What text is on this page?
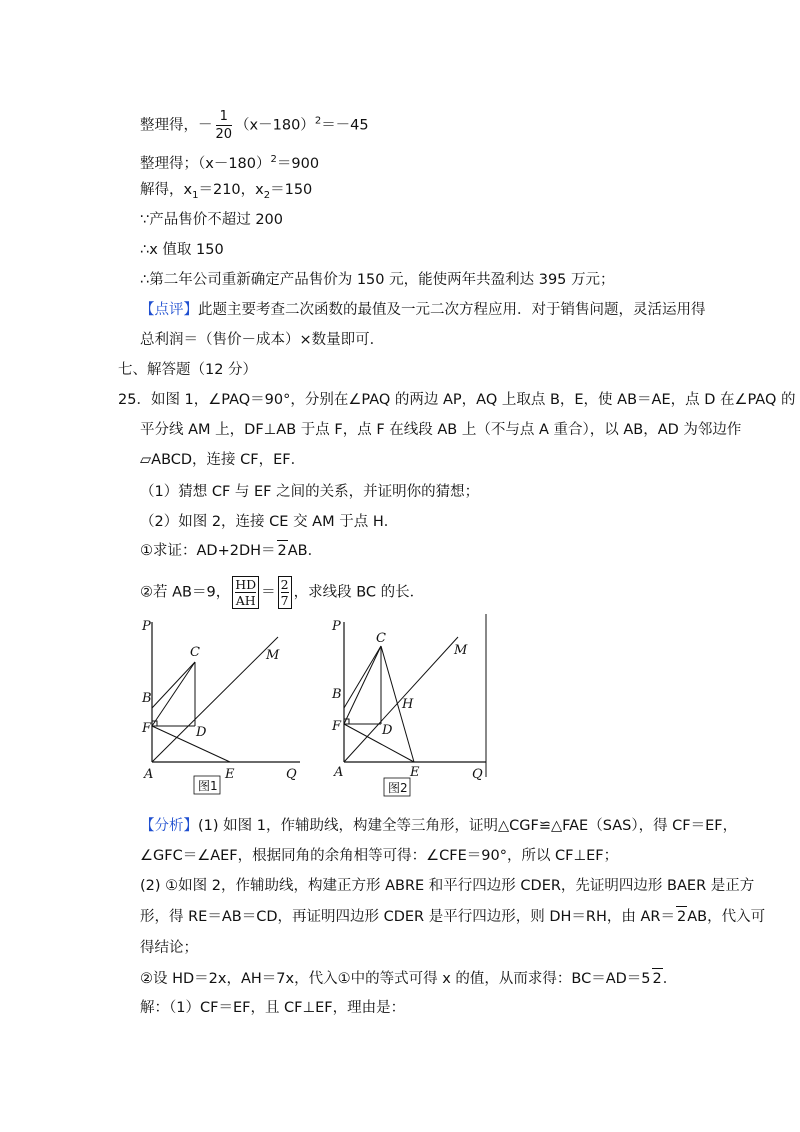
整理得，－ $\frac{1}{20} (x-180)^2=-45$
整理得；$(x-180)^2=900$
解得，$x_1=210$，$x_2=150$
∵产品售价不超过 200
∴x 值取 150
∴第二年公司重新确定产品售价为 150 元，能使两年共盈利达 395 万元；
【点评】此题主要考查二次函数的最值及一元二次方程应用．对于销售问题，灵活运用得
总利润＝（售价－成本）×数量即可．
七、解答题（12 分）
25．如图 1，∠PAQ＝90°，分别在∠PAQ 的两边 AP，AQ 上取点 B，E，使 AB＝AE，点 D 在∠PAQ 的
平分线 AM 上，DF⊥AB 于点 F，点 F 在线段 AB 上（不与点 A 重合），以 AB，AD 为邻边作
▱ABCD，连接 CF，EF．
（1）猜想 CF 与 EF 之间的关系，并证明你的猜想；
（2）如图 2，连接 CE 交 AM 于点 H．
①求证：AD+2DH＝ 2AB．
②若 AB＝9， $\frac{HD}{AH} = \frac{2}{7}$ ，求线段 BC 的长．
P
C	M
B
F	D
A	E	Q
图1
P
C
M
B
H
F	D
A	E	Q
图2
【分析】(1) 如图 1，作辅助线，构建全等三角形，证明△CGF≌△FAE（SAS），得 CF＝EF，
∠GFC＝∠AEF，根据同角的余角相等可得：∠CFE＝90°，所以 CF⊥EF；
(2) ①如图 2，作辅助线，构建正方形 ABRE 和平行四边形 CDER，先证明四边形 BAER 是正方
形，得 RE＝AB＝CD，再证明四边形 CDER 是平行四边形，则 DH＝RH，由 AR＝ 2AB，代入可
得结论；
②设 HD＝2x，AH＝7x，代入①中的等式可得 x 的值，从而求得：BC＝AD＝5 2．
解：（1）CF＝EF，且 CF⊥EF，理由是：
